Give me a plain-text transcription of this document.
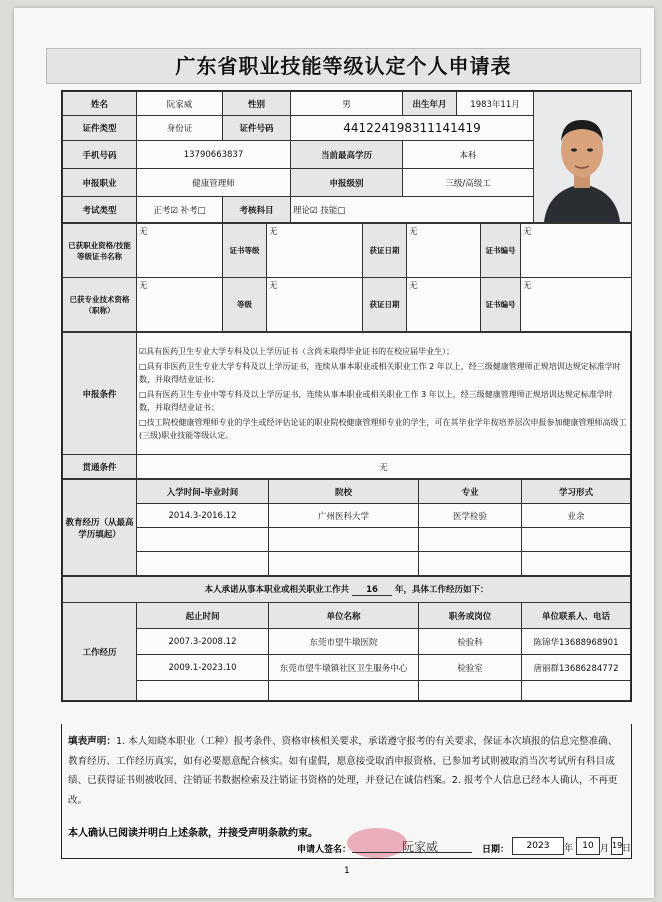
广东省职业技能等级认定个人申请表
姓名	阮家威	性别	男	出生年月	1983年11月	

证件类型	身份证	证件号码	441224198311141419			
手机号码	13790663837		当前最高学历	本科		
申报职业	健康管理师		申报级别	三级/高级工		
考试类型	正考☑ 补考□	考核科目	理论☑ 技能□			
已获职业资格/技能等级证书名称	无	证书等级	无	获证日期	无	证书编号	无
已获专业技术资格（职称）	无	等级	无	获证日期	无	证书编号	无
申报条件	☑具有医药卫生专业大学专科及以上学历证书（含尚未取得毕业证书的在校应届毕业生）；

□具有非医药卫生专业大学专科及以上学历证书，连续从事本职业或相关职业工作 2 年以上，经三级健康管理师正规培训达规定标准学时数，并取得结业证书；

□具有医药卫生专业中等专科及以上学历证书，连续从事本职业或相关职业工作 3 年以上，经三级健康管理师正规培训达规定标准学时数，并取得结业证书；

□技工院校健康管理师专业的学生或经评估论证的职业院校健康管理师专业的学生，可在其毕业学年按培养层次申报参加健康管理师高级工(三级)职业技能等级认定。

贯通条件	无
教育经历（从最高学历填起）	入学时间-毕业时间	院校	专业	学习形式
	2014.3-2016.12	广州医科大学	医学检验	业余

本人承诺从事本职业或相关职业工作共 16 年，具体工作经历如下：				
工作经历	起止时间	单位名称	职务或岗位	单位联系人、电话
	2007.3-2008.12	东莞市望牛墩医院	检验科	陈锦华13688968901
	2009.1-2023.10	东莞市望牛墩镇社区卫生服务中心	检验室	唐丽群13686284772

填表声明：1. 本人知晓本职业（工种）报考条件、资格审核相关要求，承诺遵守报考的有关要求，保证本次填报的信息完整准确、教育经历、工作经历真实，如有必要愿意配合核实。如有虚假，愿意接受取消申报资格、已参加考试则被取消当次考试所有科目成绩、已获得证书则被收回、注销证书数据检索及注销证书资格的处理，并登记在诚信档案。2. 报考个人信息已经本人确认，不再更改。
本人确认已阅读并明白上述条款，并接受声明条款约束。
申请人签名：	阮家威	日期：	2023	年	10 月 19 日
1
